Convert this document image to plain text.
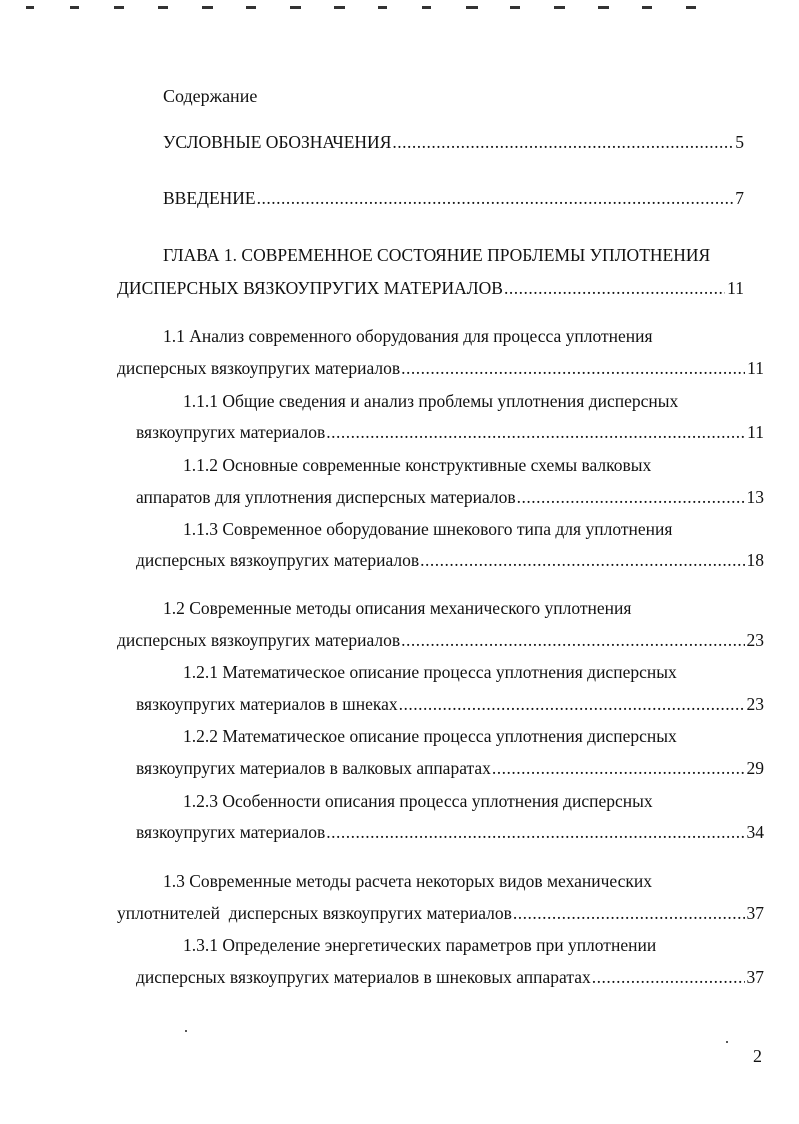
Содержание
УСЛОВНЫЕ ОБОЗНАЧЕНИЯ .....	5
ВВЕДЕНИЕ .....	7
ГЛАВА 1. СОВРЕМЕННОЕ СОСТОЯНИЕ ПРОБЛЕМЫ УПЛОТНЕНИЯ
ДИСПЕРСНЫХ ВЯЗКОУПРУГИХ МАТЕРИАЛОВ .....	11
1.1 Анализ современного оборудования для процесса уплотнения
дисперсных вязкоупругих материалов .....	11
1.1.1 Общие сведения и анализ проблемы уплотнения дисперсных
вязкоупругих материалов .....	11
1.1.2 Основные современные конструктивные схемы валковых
аппаратов для уплотнения дисперсных материалов .....	13
1.1.3 Современное оборудование шнекового типа для уплотнения
дисперсных вязкоупругих материалов .....	18
1.2 Современные методы описания механического уплотнения
дисперсных вязкоупругих материалов .....	23
1.2.1 Математическое описание процесса уплотнения дисперсных
вязкоупругих материалов в шнеках .....	23
1.2.2 Математическое описание процесса уплотнения дисперсных
вязкоупругих материалов в валковых аппаратах .....	29
1.2.3 Особенности описания процесса уплотнения дисперсных
вязкоупругих материалов .....	34
1.3 Современные методы расчета некоторых видов механических
уплотнителей  дисперсных вязкоупругих материалов .....	37
1.3.1 Определение энергетических параметров при уплотнении
дисперсных вязкоупругих материалов в шнековых аппаратах .....	37
2
